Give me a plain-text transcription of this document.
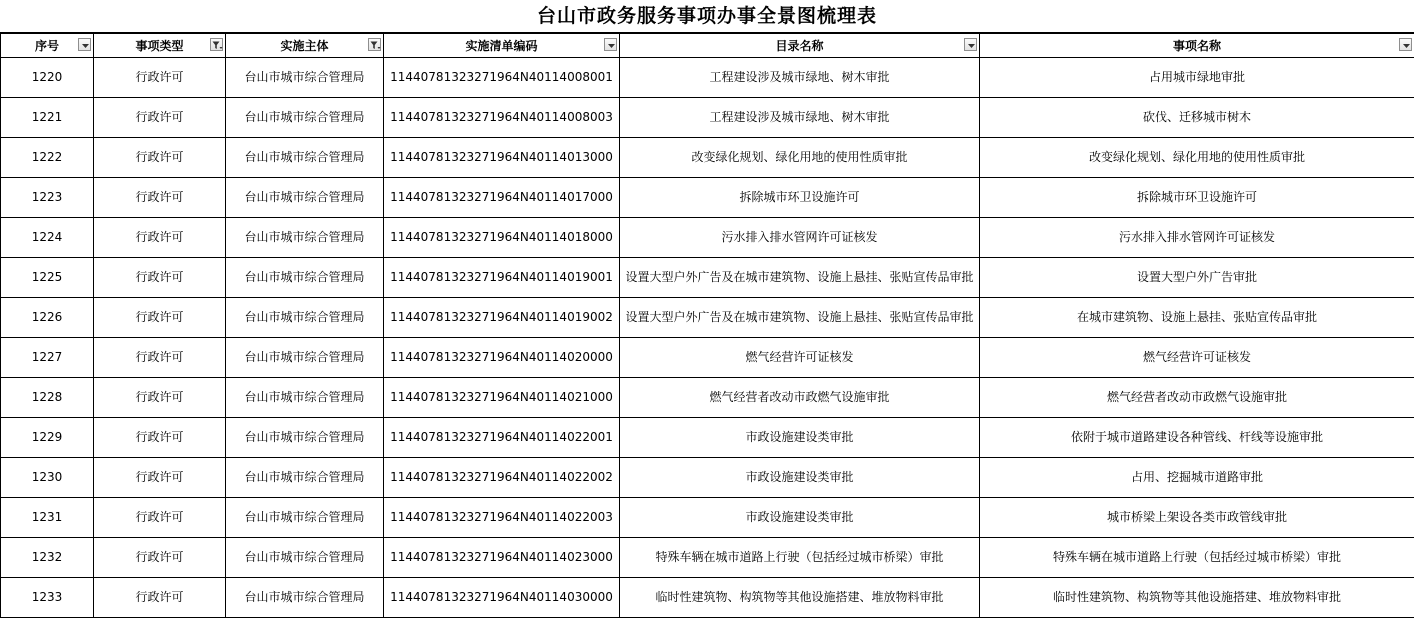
台山市政务服务事项办事全景图梳理表
序号	事项类型	实施主体	实施清单编码	目录名称	事项名称

1220	行政许可	台山市城市综合管理局	11440781323271964N40114008001	工程建设涉及城市绿地、树木审批	占用城市绿地审批
1221	行政许可	台山市城市综合管理局	11440781323271964N40114008003	工程建设涉及城市绿地、树木审批	砍伐、迁移城市树木
1222	行政许可	台山市城市综合管理局	11440781323271964N40114013000	改变绿化规划、绿化用地的使用性质审批	改变绿化规划、绿化用地的使用性质审批
1223	行政许可	台山市城市综合管理局	11440781323271964N40114017000	拆除城市环卫设施许可	拆除城市环卫设施许可
1224	行政许可	台山市城市综合管理局	11440781323271964N40114018000	污水排入排水管网许可证核发	污水排入排水管网许可证核发
1225	行政许可	台山市城市综合管理局	11440781323271964N40114019001	设置大型户外广告及在城市建筑物、设施上悬挂、张贴宣传品审批	设置大型户外广告审批
1226	行政许可	台山市城市综合管理局	11440781323271964N40114019002	设置大型户外广告及在城市建筑物、设施上悬挂、张贴宣传品审批	在城市建筑物、设施上悬挂、张贴宣传品审批
1227	行政许可	台山市城市综合管理局	11440781323271964N40114020000	燃气经营许可证核发	燃气经营许可证核发
1228	行政许可	台山市城市综合管理局	11440781323271964N40114021000	燃气经营者改动市政燃气设施审批	燃气经营者改动市政燃气设施审批
1229	行政许可	台山市城市综合管理局	11440781323271964N40114022001	市政设施建设类审批	依附于城市道路建设各种管线、杆线等设施审批
1230	行政许可	台山市城市综合管理局	11440781323271964N40114022002	市政设施建设类审批	占用、挖掘城市道路审批
1231	行政许可	台山市城市综合管理局	11440781323271964N40114022003	市政设施建设类审批	城市桥梁上架设各类市政管线审批
1232	行政许可	台山市城市综合管理局	11440781323271964N40114023000	特殊车辆在城市道路上行驶（包括经过城市桥梁）审批	特殊车辆在城市道路上行驶（包括经过城市桥梁）审批
1233	行政许可	台山市城市综合管理局	11440781323271964N40114030000	临时性建筑物、构筑物等其他设施搭建、堆放物料审批	临时性建筑物、构筑物等其他设施搭建、堆放物料审批
